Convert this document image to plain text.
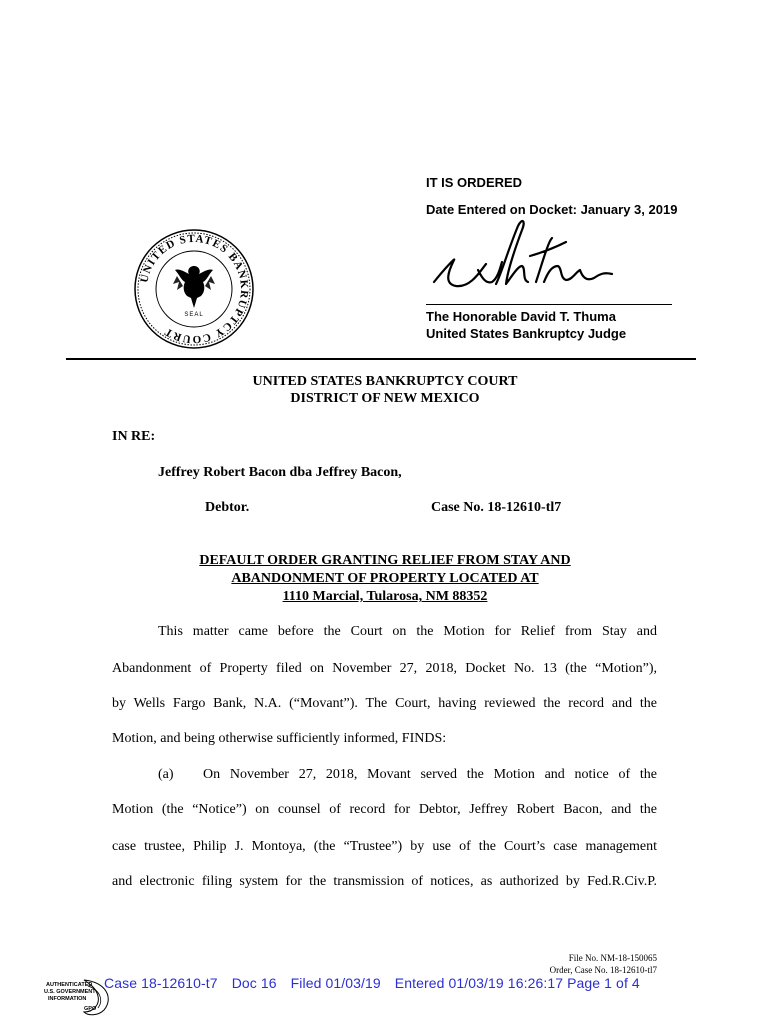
IT IS ORDERED
Date Entered on Docket: January 3, 2019
The Honorable David T. Thuma
United States Bankruptcy Judge
UNITED STATES BANKRUPTCY COURT
SEAL
UNITED STATES BANKRUPTCY COURT
DISTRICT OF NEW MEXICO
IN RE:
Jeffrey Robert Bacon dba Jeffrey Bacon,
Debtor.	Case No. 18-12610-tl7
DEFAULT ORDER GRANTING RELIEF FROM STAY AND
ABANDONMENT OF PROPERTY LOCATED AT
1110 Marcial, Tularosa, NM 88352
This matter came before the Court on the Motion for Relief from Stay and
Abandonment of Property filed on November 27, 2018, Docket No. 13 (the “Motion”),
by Wells Fargo Bank, N.A. (“Movant”). The Court, having reviewed the record and the
Motion, and being otherwise sufficiently informed, FINDS:
(a) On November 27, 2018, Movant served the Motion and notice of the
Motion (the “Notice”) on counsel of record for Debtor, Jeffrey Robert Bacon, and the
case trustee, Philip J. Montoya, (the “Trustee”) by use of the Court’s case management
and electronic filing system for the transmission of notices, as authorized by Fed.R.Civ.P.
File No. NM-18-150065
Order, Case No. 18-12610-tl7
AUTHENTICATED
U.S. GOVERNMENT
INFORMATION
GPO
Case 18-12610-t7 Doc 16 Filed 01/03/19 Entered 01/03/19 16:26:17 Page 1 of 4
